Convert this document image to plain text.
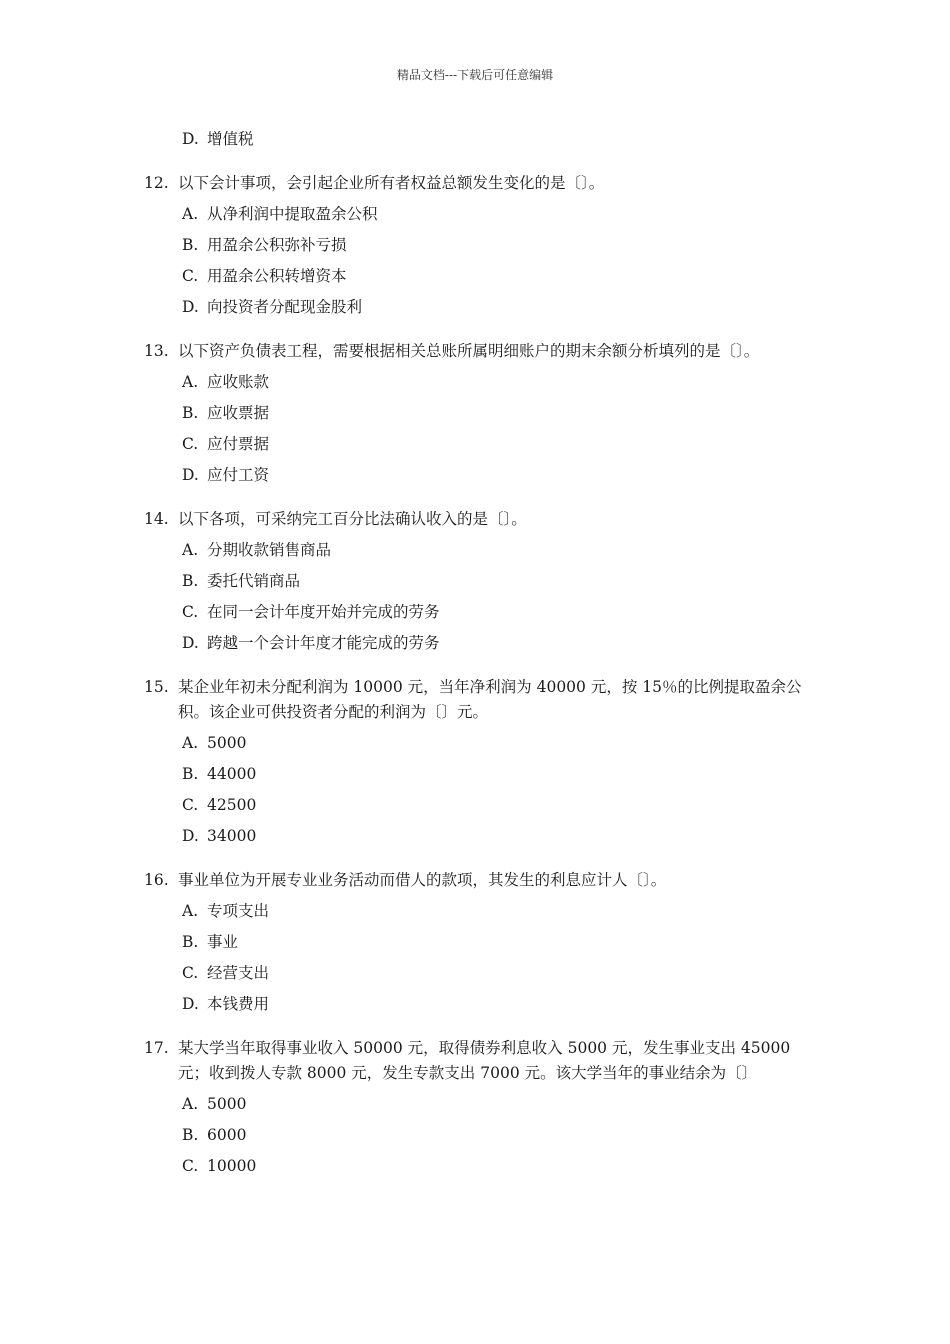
精品文档---下载后可任意编辑
D. 增值税
12. 以下会计事项，会引起企业所有者权益总额发生变化的是〔〕。
A. 从净利润中提取盈余公积
B. 用盈余公积弥补亏损
C. 用盈余公积转增资本
D. 向投资者分配现金股利
13. 以下资产负债表工程，需要根据相关总账所属明细账户的期末余额分析填列的是〔〕。
A. 应收账款
B. 应收票据
C. 应付票据
D. 应付工资
14. 以下各项，可采纳完工百分比法确认收入的是〔〕。
A. 分期收款销售商品
B. 委托代销商品
C. 在同一会计年度开始并完成的劳务
D. 跨越一个会计年度才能完成的劳务
15. 某企业年初未分配利润为 10000 元，当年净利润为 40000 元，按 15％的比例提取盈余公积。该企业可供投资者分配的利润为〔〕元。
A. 5000
B. 44000
C. 42500
D. 34000
16. 事业单位为开展专业业务活动而借人的款项，其发生的利息应计人〔〕。
A. 专项支出
B. 事业
C. 经营支出
D. 本钱费用
17. 某大学当年取得事业收入 50000 元，取得债券利息收入 5000 元，发生事业支出 45000 元；收到拨人专款 8000 元，发生专款支出 7000 元。该大学当年的事业结余为〔〕
A. 5000
B. 6000
C. 10000
